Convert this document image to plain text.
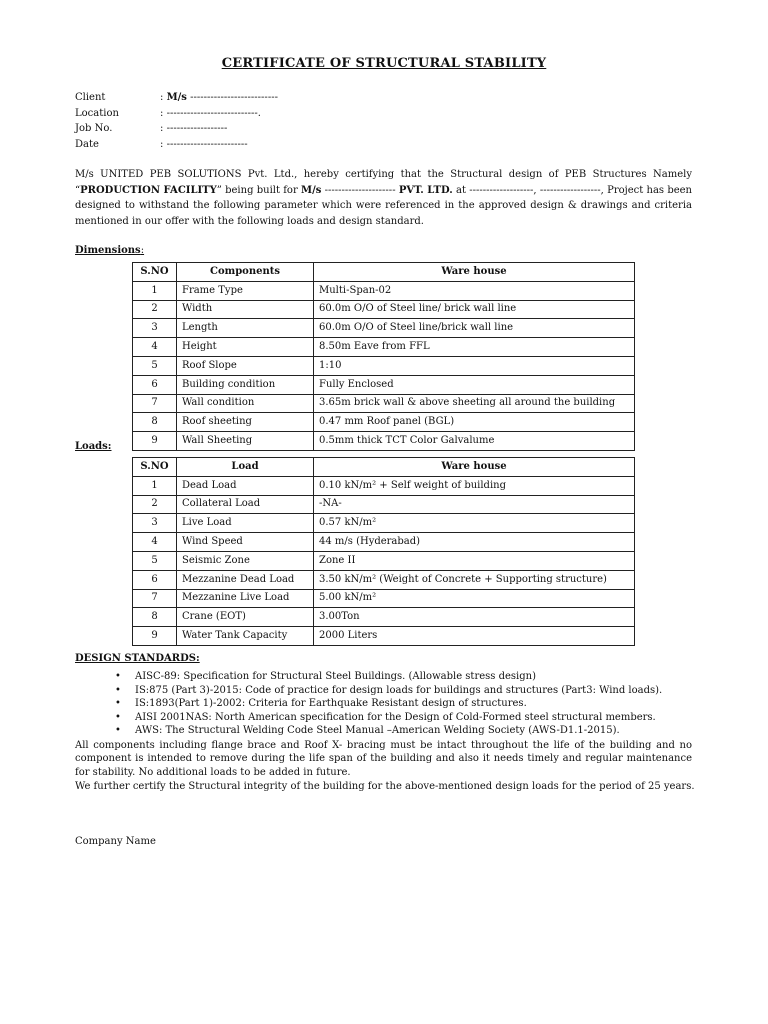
CERTIFICATE OF STRUCTURAL STABILITY
Client	: M/s --------------------------
Location	: ---------------------------.
Job No.	: ------------------
Date	: ------------------------
M/s UNITED PEB SOLUTIONS Pvt. Ltd., hereby certifying that the Structural design of PEB Structures Namely “PRODUCTION FACILITY” being built for M/s --------------------- PVT. LTD. at -------------------, ------------------, Project has been designed to withstand the following parameter which were referenced in the approved design & drawings and criteria mentioned in our offer with the following loads and design standard.
Dimensions:
S.NO	Components	Ware house
1	Frame Type	Multi-Span-02
2	Width	60.0m O/O of Steel line/ brick wall line
3	Length	60.0m O/O of Steel line/brick wall line
4	Height	8.50m Eave from FFL
5	Roof Slope	1:10
6	Building condition	Fully Enclosed
7	Wall condition	3.65m brick wall & above sheeting all around the building
8	Roof sheeting	0.47 mm Roof panel (BGL)
9	Wall Sheeting	0.5mm thick TCT Color Galvalume
Loads:
S.NO	Load	Ware house
1	Dead Load	0.10 kN/m² + Self weight of building
2	Collateral Load	-NA-
3	Live Load	0.57 kN/m²
4	Wind Speed	44 m/s (Hyderabad)
5	Seismic Zone	Zone II
6	Mezzanine Dead Load	3.50 kN/m² (Weight of Concrete + Supporting structure)
7	Mezzanine Live Load	5.00 kN/m²
8	Crane (EOT)	3.00Ton
9	Water Tank Capacity	2000 Liters
DESIGN STANDARDS:
• AISC-89: Specification for Structural Steel Buildings. (Allowable stress design)
• IS:875 (Part 3)-2015: Code of practice for design loads for buildings and structures (Part3: Wind loads).
• IS:1893(Part 1)-2002: Criteria for Earthquake Resistant design of structures.
• AISI 2001NAS: North American specification for the Design of Cold-Formed steel structural members.
• AWS: The Structural Welding Code Steel Manual –American Welding Society (AWS-D1.1-2015).
All components including flange brace and Roof X- bracing must be intact throughout the life of the building and no component is intended to remove during the life span of the building and also it needs timely and regular maintenance for stability. No additional loads to be added in future.
We further certify the Structural integrity of the building for the above-mentioned design loads for the period of 25 years.
Company Name
